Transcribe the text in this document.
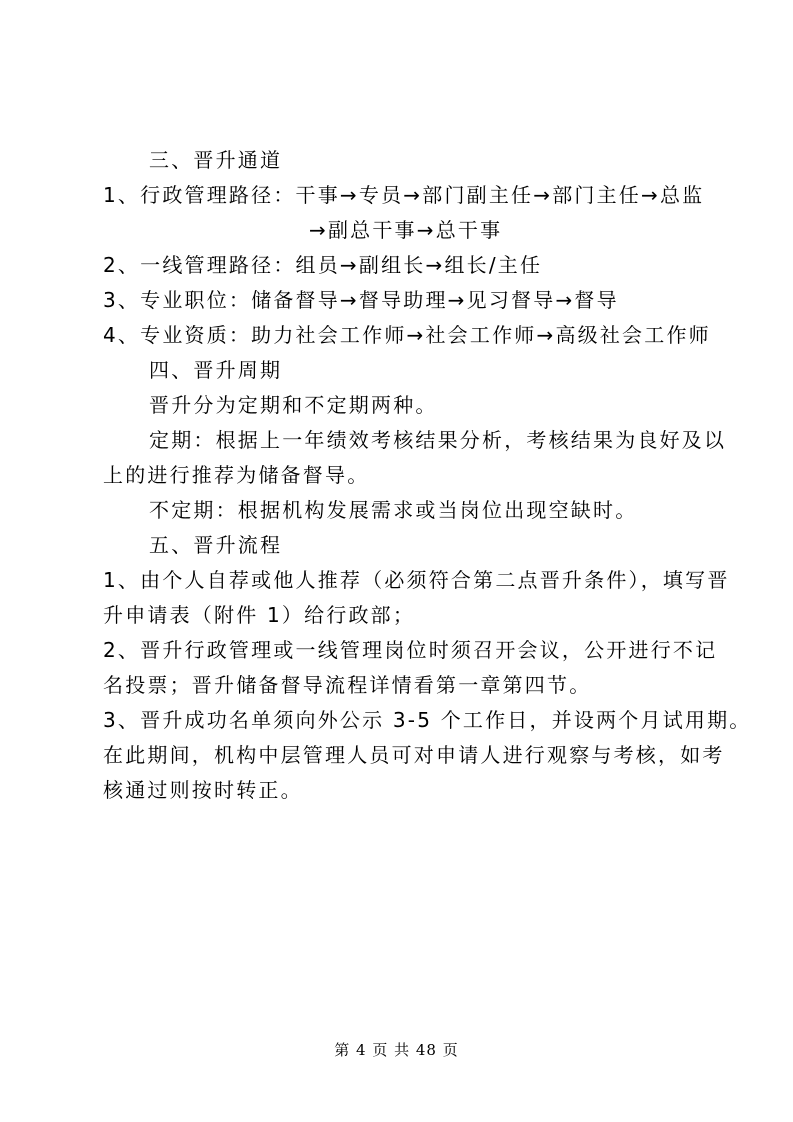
三、晋升通道
1、行政管理路径：干事→专员→部门副主任→部门主任→总监
→副总干事→总干事
2、一线管理路径：组员→副组长→组长/主任
3、专业职位：储备督导→督导助理→见习督导→督导
4、专业资质：助力社会工作师→社会工作师→高级社会工作师
四、晋升周期
晋升分为定期和不定期两种。
定期：根据上一年绩效考核结果分析，考核结果为良好及以
上的进行推荐为储备督导。
不定期：根据机构发展需求或当岗位出现空缺时。
五、晋升流程
1、由个人自荐或他人推荐（必须符合第二点晋升条件），填写晋
升申请表（附件 1）给行政部；
2、晋升行政管理或一线管理岗位时须召开会议，公开进行不记
名投票；晋升储备督导流程详情看第一章第四节。
3、晋升成功名单须向外公示 3-5 个工作日，并设两个月试用期。
在此期间，机构中层管理人员可对申请人进行观察与考核，如考
核通过则按时转正。
第 4 页 共 48 页
